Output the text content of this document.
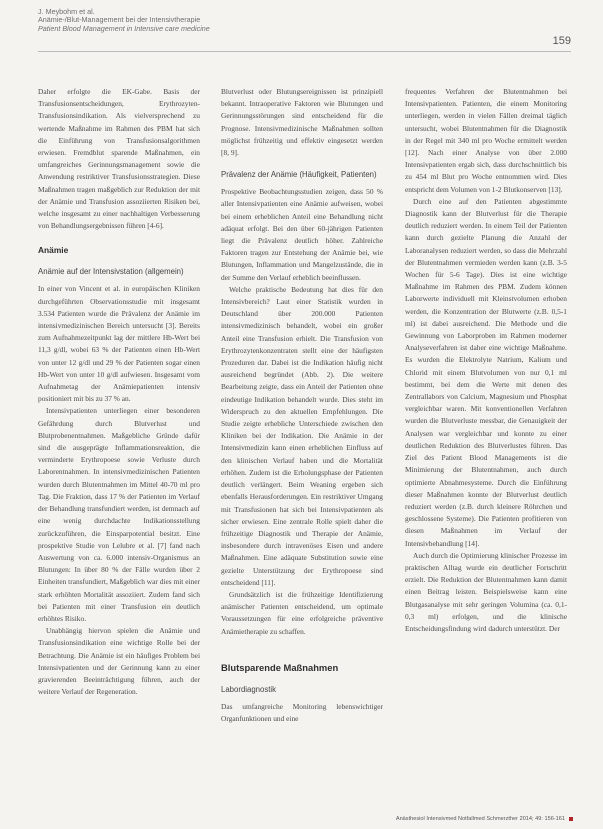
J. Meybohm et al.
Anämie-/Blut-Management bei der Intensivtherapie
Patient Blood Management in Intensive care medicine
159

Daher erfolgte die EK-Gabe. Basis der Transfusionsentscheidungen, Erythrozyten-Transfusionsindikation. Als vielversprechend zu wertende Maßnahme im Rahmen des PBM hat sich die Einführung von Transfusionsalgorithmen erwiesen. Fremdblut sparende Maßnahmen, ein umfangreiches Gerinnungsmanagement sowie die Anwendung restriktiver Transfusionsstrategien. Diese Maßnahmen tragen maßgeblich zur Reduktion der mit der Anämie und Transfusion assoziierten Risiken bei, welche insgesamt zu einer nachhaltigen Verbesserung von Behandlungsergebnissen führen [4-6].

Anämie
Anämie auf der Intensivstation (allgemein)

In einer von Vincent et al. in europäischen Kliniken durchgeführten Observationsstudie mit insgesamt 3.534 Patienten wurde die Prävalenz der Anämie im intensivmedizinischen Bereich untersucht [3]. Bereits zum Aufnahmezeitpunkt lag der mittlere Hb-Wert bei 11,3 g/dl, wobei 63 % der Patienten einen Hb-Wert von unter 12 g/dl und 29 % der Patienten sogar einen Hb-Wert von unter 10 g/dl aufwiesen. Insgesamt vom Aufnahmetag der Anämiepatienten intensiv positioniert mit bis zu 37 % an.

Intensivpatienten unterliegen einer besonderen Gefährdung durch Blutverlust und Blutprobenentnahmen. Maßgebliche Gründe dafür sind die ausgeprägte Inflammationsreaktion, die verminderte Erythropoese sowie Verluste durch Laborentnahmen. In intensivmedizinischen Patienten wurden durch Blutentnahmen im Mittel 40-70 ml pro Tag. Die Fraktion, dass 17 % der Patienten im Verlauf der Behandlung transfundiert werden, ist demnach auf eine wenig durchdachte Indikationsstellung zurückzuführen, die Einsparpotential besitzt. Eine prospektive Studie von Lelubre et al. [7] fand nach Auswertung von ca. 6.000 intensiv-Organismus an Blutungen: In über 80 % der Fälle wurden über 2 Einheiten transfundiert, Maßgeblich war dies mit einer stark erhöhten Mortalität assoziiert. Zudem fand sich bei Patienten mit einer Transfusion ein deutlich erhöhtes Risiko.

Unabhängig hiervon spielen die Anämie und Transfusionsindikation eine wichtige Rolle bei der Betrachtung. Die Anämie ist ein häufiges Problem bei Intensivpatienten und der Gerinnung kann zu einer gravierenden Beeinträchtigung führen, auch der weitere Verlauf der Regeneration.

Blutverlust oder Blutungsereignissen ist prinzipiell bekannt. Intraoperative Faktoren wie Blutungen und Gerinnungsstörungen sind entscheidend für die Prognose. Intensivmedizinische Maßnahmen sollten möglichst frühzeitig und effektiv eingesetzt werden [8, 9].

Prävalenz der Anämie (Häufigkeit, Patienten)

Prospektive Beobachtungsstudien zeigen, dass 50 % aller Intensivpatienten eine Anämie aufweisen, wobei bei einem erheblichen Anteil eine Behandlung nicht adäquat erfolgt. Bei den über 60-jährigen Patienten liegt die Prävalenz deutlich höher. Zahlreiche Faktoren tragen zur Entstehung der Anämie bei, wie Blutungen, Inflammation und Mangelzustände, die in der Summe den Verlauf erheblich beeinflussen.

Welche praktische Bedeutung hat dies für den Intensivbereich? Laut einer Statistik wurden in Deutschland über 200.000 Patienten intensivmedizinisch behandelt, wobei ein großer Anteil eine Transfusion erhielt. Die Transfusion von Erythrozytenkonzentraten stellt eine der häufigsten Prozeduren dar. Dabei ist die Indikation häufig nicht ausreichend begründet (Abb. 2). Die weitere Bearbeitung zeigte, dass ein Anteil der Patienten ohne eindeutige Indikation behandelt wurde. Dies steht im Widerspruch zu den aktuellen Empfehlungen. Die Studie zeigte erhebliche Unterschiede zwischen den Kliniken bei der Indikation. Die Anämie in der Intensivmedizin kann einen erheblichen Einfluss auf den klinischen Verlauf haben und die Mortalität erhöhen. Zudem ist die Erholungsphase der Patienten deutlich verlängert. Beim Weaning ergeben sich ebenfalls Herausforderungen. Ein restriktiver Umgang mit Transfusionen hat sich bei Intensivpatienten als sicher erwiesen. Eine zentrale Rolle spielt daher die frühzeitige Diagnostik und Therapie der Anämie, insbesondere durch intravenöses Eisen und andere Maßnahmen. Eine adäquate Substitution sowie eine gezielte Unterstützung der Erythropoese sind entscheidend [11].

Grundsätzlich ist die frühzeitige Identifizierung anämischer Patienten entscheidend, um optimale Voraussetzungen für eine erfolgreiche präventive Anämietherapie zu schaffen.

Blutsparende Maßnahmen
Labordiagnostik

Das umfangreiche Monitoring lebenswichtiger Organfunktionen und eine

frequentes Verfahren der Blutentnahmen bei Intensivpatienten. Patienten, die einem Monitoring unterliegen, werden in vielen Fällen dreimal täglich untersucht, wobei Blutentnahmen für die Diagnostik in der Regel mit 340 ml pro Woche ermittelt werden [12]. Nach einer Analyse von über 2.000 Intensivpatienten ergab sich, dass durchschnittlich bis zu 454 ml Blut pro Woche entnommen wird. Dies entspricht dem Volumen von 1-2 Blutkonserven [13].

Durch eine auf den Patienten abgestimmte Diagnostik kann der Blutverlust für die Therapie deutlich reduziert werden. In einem Teil der Patienten kann durch gezielte Planung die Anzahl der Laboranalysen reduziert werden, so dass die Mehrzahl der Blutentnahmen vermieden werden kann (z.B. 3-5 Wochen für 5-6 Tage). Dies ist eine wichtige Maßnahme im Rahmen des PBM. Zudem können Laborwerte individuell mit Kleinstvolumen erhoben werden, die Konzentration der Blutwerte (z.B. 0,5-1 ml) ist dabei ausreichend. Die Methode und die Gewinnung von Laborproben im Rahmen moderner Analyseverfahren ist daher eine wichtige Maßnahme. Es wurden die Elektrolyte Natrium, Kalium und Chlorid mit einem Blutvolumen von nur 0,1 ml bestimmt, bei dem die Werte mit denen des Zentrallabors von Calcium, Magnesium und Phosphat vergleichbar waren. Mit konventionellen Verfahren wurden die Blutverluste messbar, die Genauigkeit der Analysen war vergleichbar und konnte zu einer deutlichen Reduktion des Blutverlustes führen. Das Ziel des Patient Blood Managements ist die Minimierung der Blutentnahmen, auch durch optimierte Abnahmesysteme. Durch die Einführung dieser Maßnahmen konnte der Blutverlust deutlich reduziert werden (z.B. durch kleinere Röhrchen und geschlossene Systeme). Die Patienten profitieren von diesen Maßnahmen im Verlauf der Intensivbehandlung [14].

Auch durch die Optimierung klinischer Prozesse im praktischen Alltag wurde ein deutlicher Fortschritt erzielt. Die Reduktion der Blutentnahmen kann damit einen Beitrag leisten. Beispielsweise kann eine Blutgasanalyse mit sehr geringen Volumina (ca. 0,1-0,3 ml) erfolgen, und die klinische Entscheidungsfindung wird dadurch unterstützt. Der

Anästhesiol Intensivmed Notfallmed Schmerzther 2014; 49: 156-161
